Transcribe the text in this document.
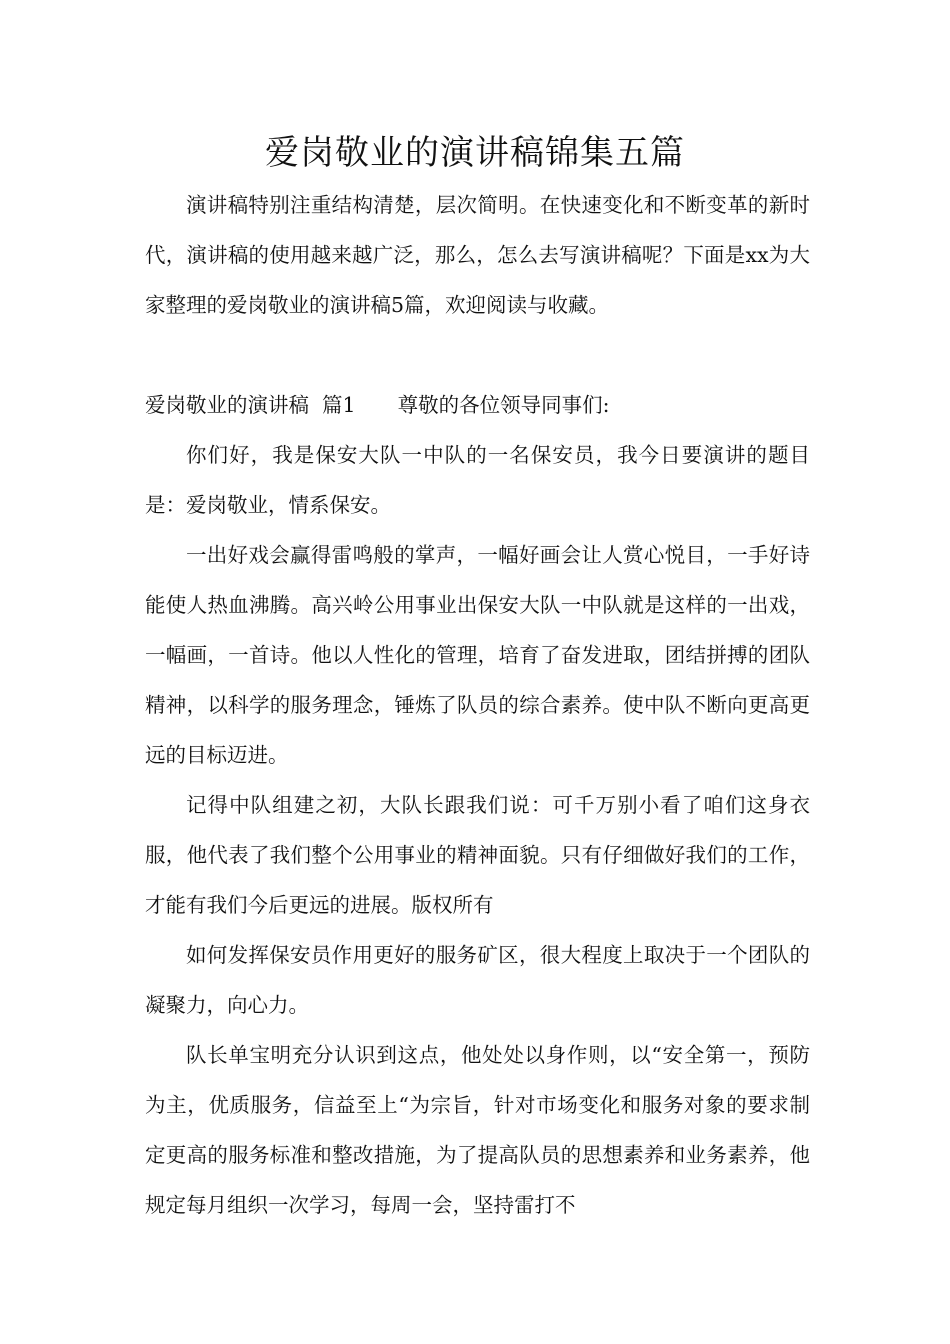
爱岗敬业的演讲稿锦集五篇

演讲稿特别注重结构清楚，层次简明。在快速变化和不断变革的新时代，演讲稿的使用越来越广泛，那么，怎么去写演讲稿呢？下面是xx为大家整理的爱岗敬业的演讲稿5篇，欢迎阅读与收藏。

爱岗敬业的演讲稿  篇1 尊敬的各位领导同事们:

你们好，我是保安大队一中队的一名保安员，我今日要演讲的题目是：爱岗敬业，情系保安。

一出好戏会赢得雷鸣般的掌声，一幅好画会让人赏心悦目，一手好诗能使人热血沸腾。高兴岭公用事业出保安大队一中队就是这样的一出戏，一幅画，一首诗。他以人性化的管理，培育了奋发进取，团结拼搏的团队精神，以科学的服务理念，锤炼了队员的综合素养。使中队不断向更高更远的目标迈进。

记得中队组建之初，大队长跟我们说：可千万别小看了咱们这身衣服，他代表了我们整个公用事业的精神面貌。只有仔细做好我们的工作，才能有我们今后更远的进展。版权所有

如何发挥保安员作用更好的服务矿区，很大程度上取决于一个团队的凝聚力，向心力。

队长单宝明充分认识到这点，他处处以身作则，以“安全第一，预防为主，优质服务，信益至上“为宗旨，针对市场变化和服务对象的要求制定更高的服务标准和整改措施，为了提高队员的思想素养和业务素养，他规定每月组织一次学习，每周一会，坚持雷打不
